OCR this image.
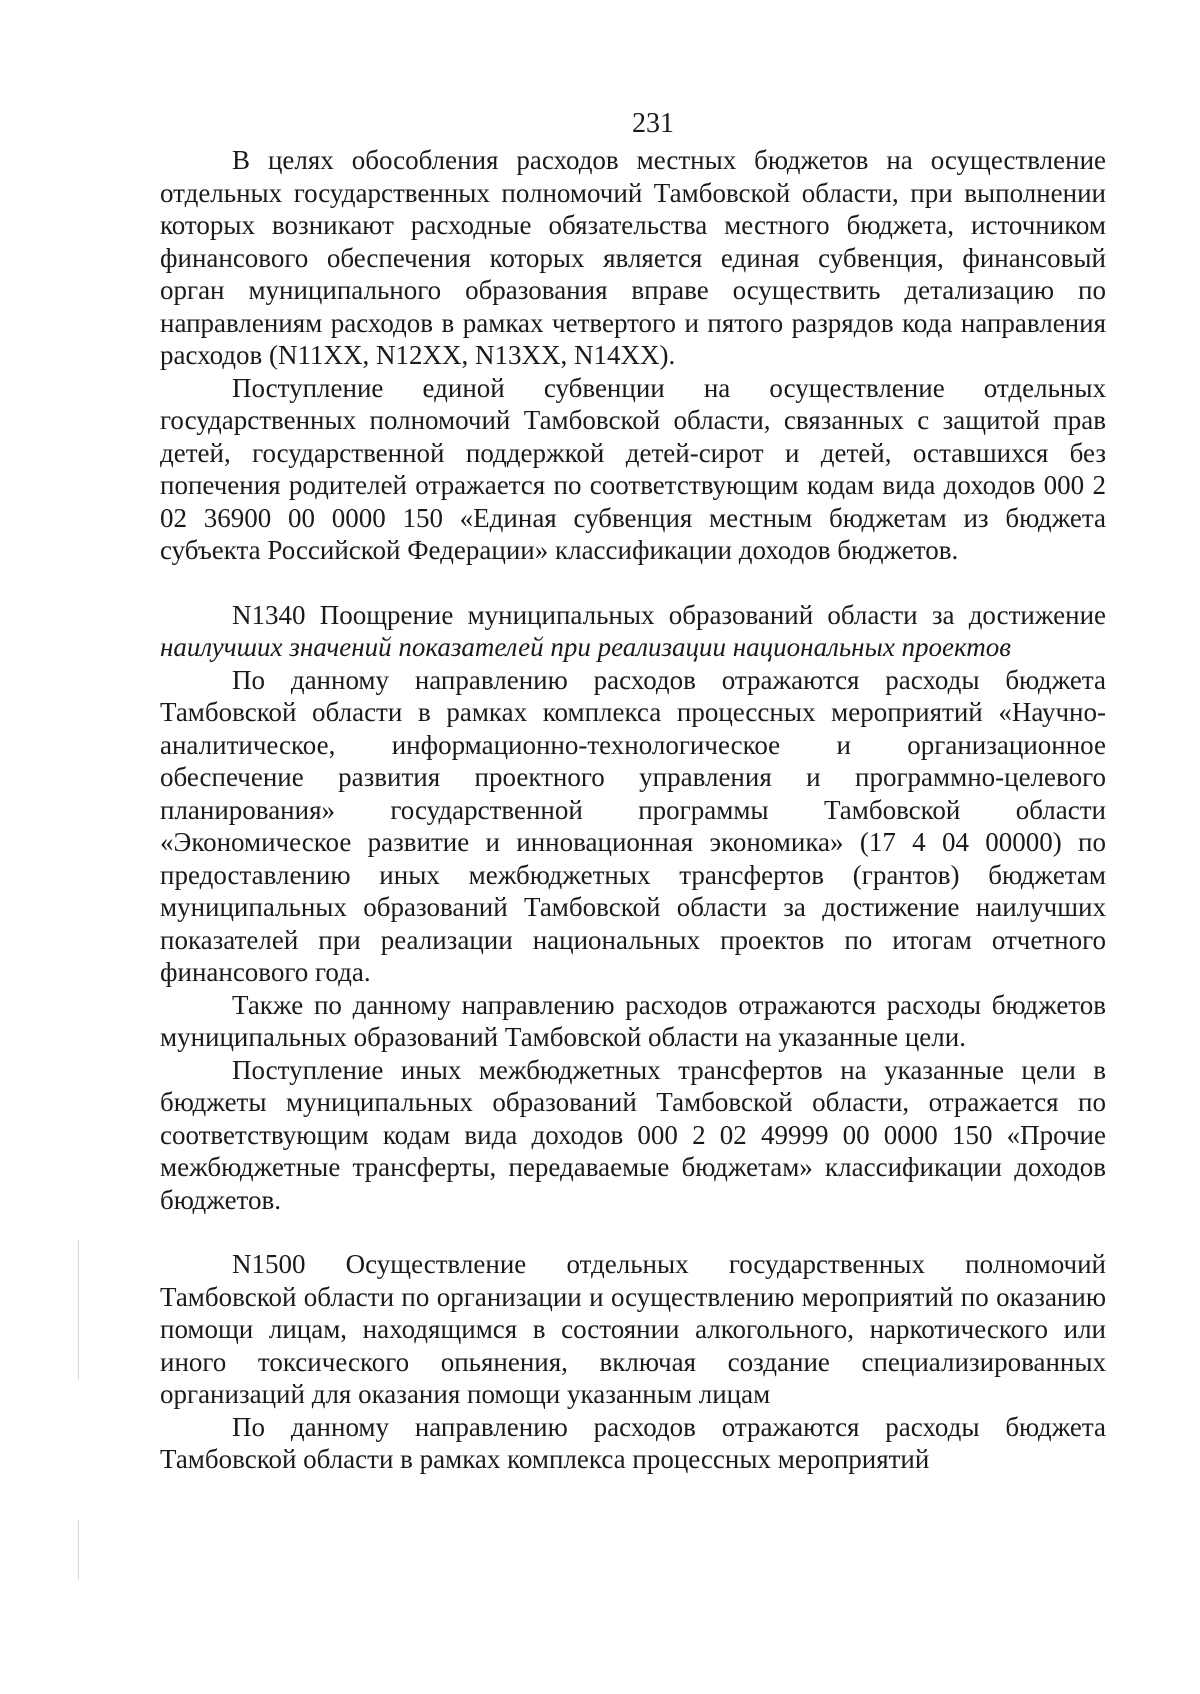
231

В целях обособления расходов местных бюджетов на осуществление отдельных государственных полномочий Тамбовской области, при выполнении которых возникают расходные обязательства местного бюджета, источником финансового обеспечения которых является единая субвенция, финансовый орган муниципального образования вправе осуществить детализацию по направлениям расходов в рамках четвертого и пятого разрядов кода направления расходов (N11XX, N12XX, N13XX, N14XX).

Поступление единой субвенции на осуществление отдельных государственных полномочий Тамбовской области, связанных с защитой прав детей, государственной поддержкой детей-сирот и детей, оставшихся без попечения родителей отражается по соответствующим кодам вида доходов 000 2 02 36900 00 0000 150 «Единая субвенция местным бюджетам из бюджета субъекта Российской Федерации» классификации доходов бюджетов.

N1340 Поощрение муниципальных образований области за достижение наилучших значений показателей при реализации национальных проектов

По данному направлению расходов отражаются расходы бюджета Тамбовской области в рамках комплекса процессных мероприятий «Научно-аналитическое, информационно-технологическое и организационное обеспечение развития проектного управления и программно-целевого планирования» государственной программы Тамбовской области «Экономическое развитие и инновационная экономика» (17 4 04 00000) по предоставлению иных межбюджетных трансфертов (грантов) бюджетам муниципальных образований Тамбовской области за достижение наилучших показателей при реализации национальных проектов по итогам отчетного финансового года.

Также по данному направлению расходов отражаются расходы бюджетов муниципальных образований Тамбовской области на указанные цели.

Поступление иных межбюджетных трансфертов на указанные цели в бюджеты муниципальных образований Тамбовской области, отражается по соответствующим кодам вида доходов 000 2 02 49999 00 0000 150 «Прочие межбюджетные трансферты, передаваемые бюджетам» классификации доходов бюджетов.

N1500 Осуществление отдельных государственных полномочий Тамбовской области по организации и осуществлению мероприятий по оказанию помощи лицам, находящимся в состоянии алкогольного, наркотического или иного токсического опьянения, включая создание специализированных организаций для оказания помощи указанным лицам

По данному направлению расходов отражаются расходы бюджета Тамбовской области в рамках комплекса процессных мероприятий
